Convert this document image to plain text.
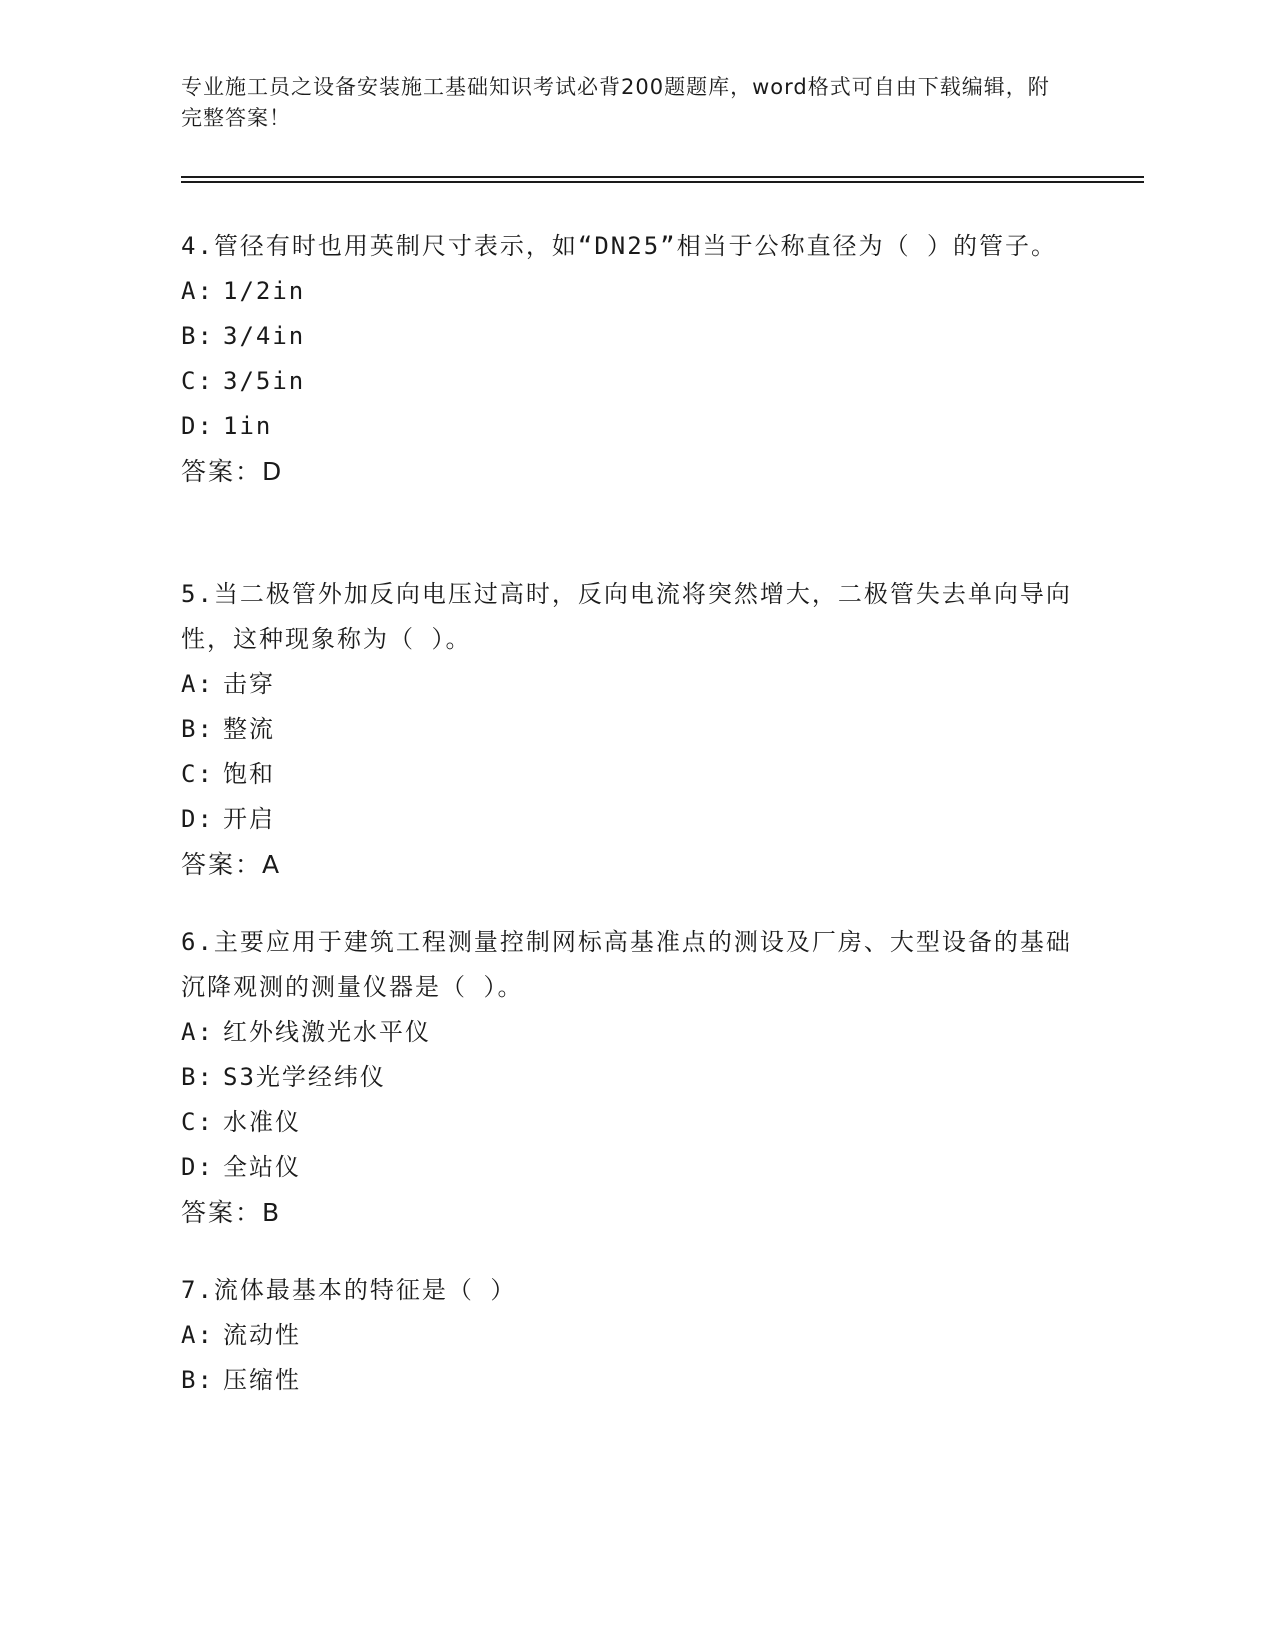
专业施工员之设备安装施工基础知识考试必背200题题库，word格式可自由下载编辑，附完整答案！
4.管径有时也用英制尺寸表示，如“DN25”相当于公称直径为（ ）的管子。
A: 1/2in
B: 3/4in
C: 3/5in
D: 1in
答案：D
5.当二极管外加反向电压过高时，反向电流将突然增大，二极管失去单向导向性，这种现象称为（ ）。
A: 击穿
B: 整流
C: 饱和
D: 开启
答案：A
6.主要应用于建筑工程测量控制网标高基准点的测设及厂房、大型设备的基础沉降观测的测量仪器是（ ）。
A: 红外线激光水平仪
B: S3光学经纬仪
C: 水准仪
D: 全站仪
答案：B
7.流体最基本的特征是（ ）
A: 流动性
B: 压缩性
